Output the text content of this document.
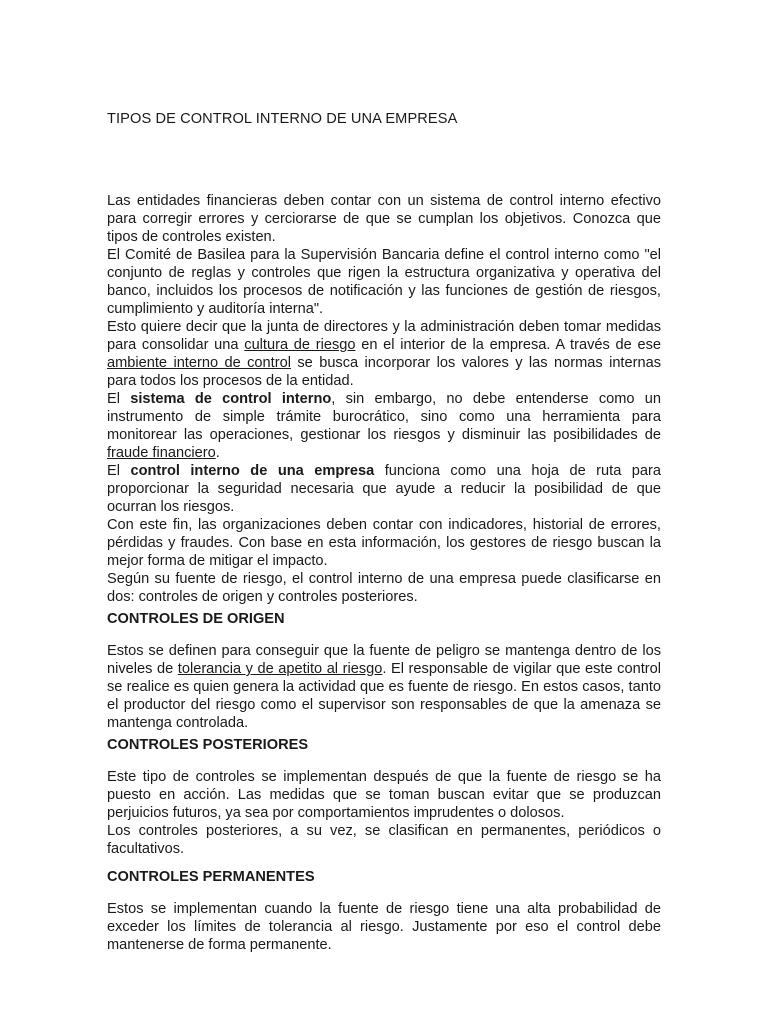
TIPOS DE CONTROL INTERNO DE UNA EMPRESA

Las entidades financieras deben contar con un sistema de control interno efectivo para corregir errores y cerciorarse de que se cumplan los objetivos. Conozca que tipos de controles existen.

El Comité de Basilea para la Supervisión Bancaria define el control interno como "el conjunto de reglas y controles que rigen la estructura organizativa y operativa del banco, incluidos los procesos de notificación y las funciones de gestión de riesgos, cumplimiento y auditoría interna".

Esto quiere decir que la junta de directores y la administración deben tomar medidas para consolidar una cultura de riesgo en el interior de la empresa. A través de ese ambiente interno de control se busca incorporar los valores y las normas internas para todos los procesos de la entidad.

El sistema de control interno, sin embargo, no debe entenderse como un instrumento de simple trámite burocrático, sino como una herramienta para monitorear las operaciones, gestionar los riesgos y disminuir las posibilidades de fraude financiero.

El control interno de una empresa funciona como una hoja de ruta para proporcionar la seguridad necesaria que ayude a reducir la posibilidad de que ocurran los riesgos.

Con este fin, las organizaciones deben contar con indicadores, historial de errores, pérdidas y fraudes. Con base en esta información, los gestores de riesgo buscan la mejor forma de mitigar el impacto.

Según su fuente de riesgo, el control interno de una empresa puede clasificarse en dos: controles de origen y controles posteriores.

CONTROLES DE ORIGEN

Estos se definen para conseguir que la fuente de peligro se mantenga dentro de los niveles de tolerancia y de apetito al riesgo. El responsable de vigilar que este control se realice es quien genera la actividad que es fuente de riesgo. En estos casos, tanto el productor del riesgo como el supervisor son responsables de que la amenaza se mantenga controlada.

CONTROLES POSTERIORES

Este tipo de controles se implementan después de que la fuente de riesgo se ha puesto en acción. Las medidas que se toman buscan evitar que se produzcan perjuicios futuros, ya sea por comportamientos imprudentes o dolosos.

Los controles posteriores, a su vez, se clasifican en permanentes, periódicos o facultativos.

CONTROLES PERMANENTES

Estos se implementan cuando la fuente de riesgo tiene una alta probabilidad de exceder los límites de tolerancia al riesgo. Justamente por eso el control debe mantenerse de forma permanente.
